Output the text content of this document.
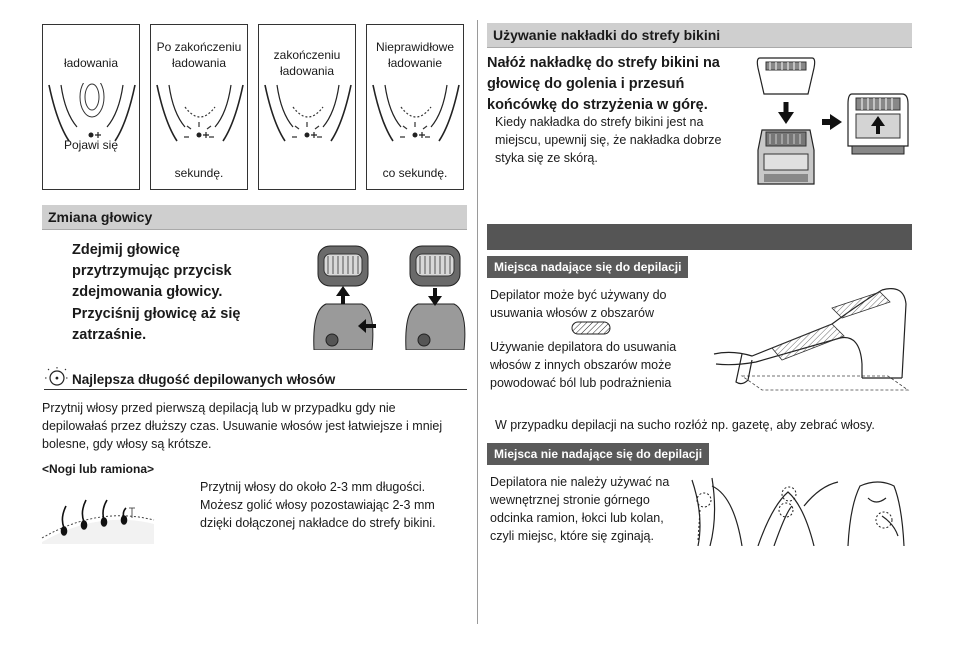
ładowania
Pojawi się
Po zakończeniu ładowania
sekundę.
zakończeniu ładowania
Nieprawidłowe ładowanie
co sekundę.
Zmiana głowicy
Zdejmij głowicę przytrzymując przycisk zdejmowania głowicy.
Przyciśnij głowicę aż się zatrzaśnie.
• Najlepsza długość depilowanych włosów
Przytnij włosy przed pierwszą depilacją lub w przypadku gdy nie depilowałaś przez dłuższy czas. Usuwanie włosów jest łatwiejsze i mniej bolesne, gdy włosy są krótsze.
<Nogi lub ramiona>
Przytnij włosy do około 2-3 mm długości. Możesz golić włosy pozostawiając 2-3 mm dzięki dołączonej nakładce do strefy bikini.
Używanie nakładki do strefy bikini
Nałóż nakładkę do strefy bikini na głowicę do golenia i przesuń końcówkę do strzyżenia w górę.
Kiedy nakładka do strefy bikini jest na miejscu, upewnij się, że nakładka dobrze styka się ze skórą.
Miejsca nadające się do depilacji
Depilator może być używany do usuwania włosów z obszarów
Używanie depilatora do usuwania włosów z innych obszarów może powodować ból lub podrażnienia
W przypadku depilacji na sucho rozłóż np. gazetę, aby zebrać włosy.
Miejsca nie nadające się do depilacji
Depilatora nie należy używać na wewnętrznej stronie górnego odcinka ramion, łokci lub kolan, czyli miejsc, które się zginają.
